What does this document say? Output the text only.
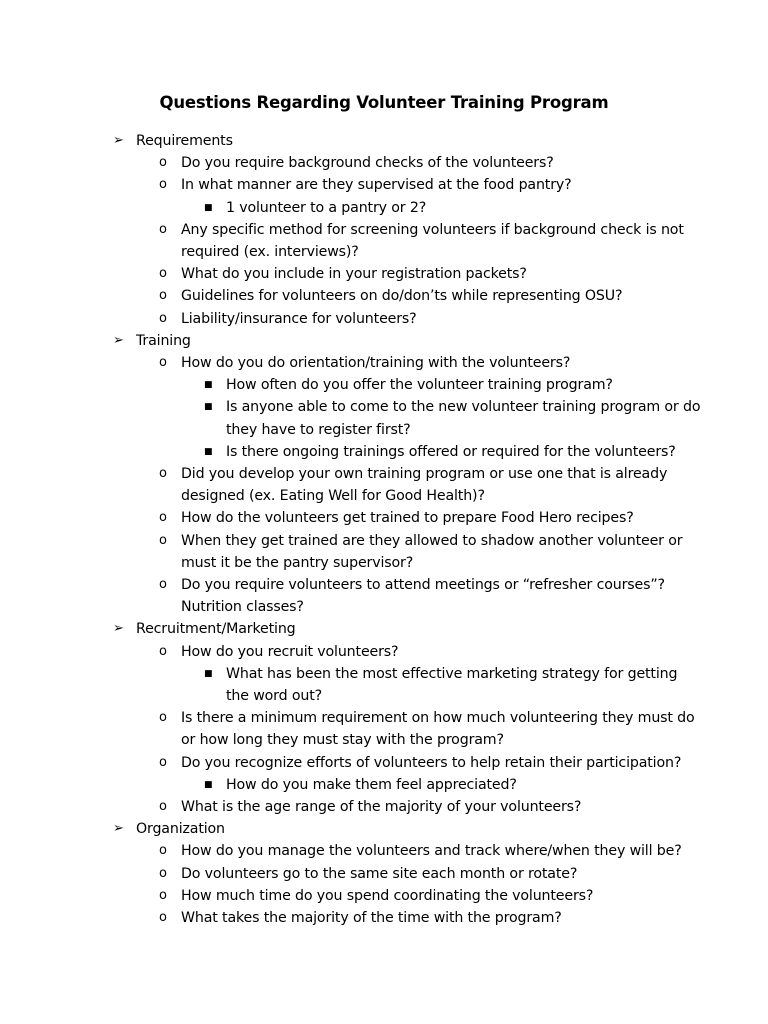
Questions Regarding Volunteer Training Program
➢ Requirements
o Do you require background checks of the volunteers?
o In what manner are they supervised at the food pantry?
■ 1 volunteer to a pantry or 2?
o Any specific method for screening volunteers if background check is not
required (ex. interviews)?
o What do you include in your registration packets?
o Guidelines for volunteers on do/don’ts while representing OSU?
o Liability/insurance for volunteers?
➢ Training
o How do you do orientation/training with the volunteers?
■ How often do you offer the volunteer training program?
■ Is anyone able to come to the new volunteer training program or do
they have to register first?
■ Is there ongoing trainings offered or required for the volunteers?
o Did you develop your own training program or use one that is already
designed (ex. Eating Well for Good Health)?
o How do the volunteers get trained to prepare Food Hero recipes?
o When they get trained are they allowed to shadow another volunteer or
must it be the pantry supervisor?
o Do you require volunteers to attend meetings or “refresher courses”?
Nutrition classes?
➢ Recruitment/Marketing
o How do you recruit volunteers?
■ What has been the most effective marketing strategy for getting
the word out?
o Is there a minimum requirement on how much volunteering they must do
or how long they must stay with the program?
o Do you recognize efforts of volunteers to help retain their participation?
■ How do you make them feel appreciated?
o What is the age range of the majority of your volunteers?
➢ Organization
o How do you manage the volunteers and track where/when they will be?
o Do volunteers go to the same site each month or rotate?
o How much time do you spend coordinating the volunteers?
o What takes the majority of the time with the program?
